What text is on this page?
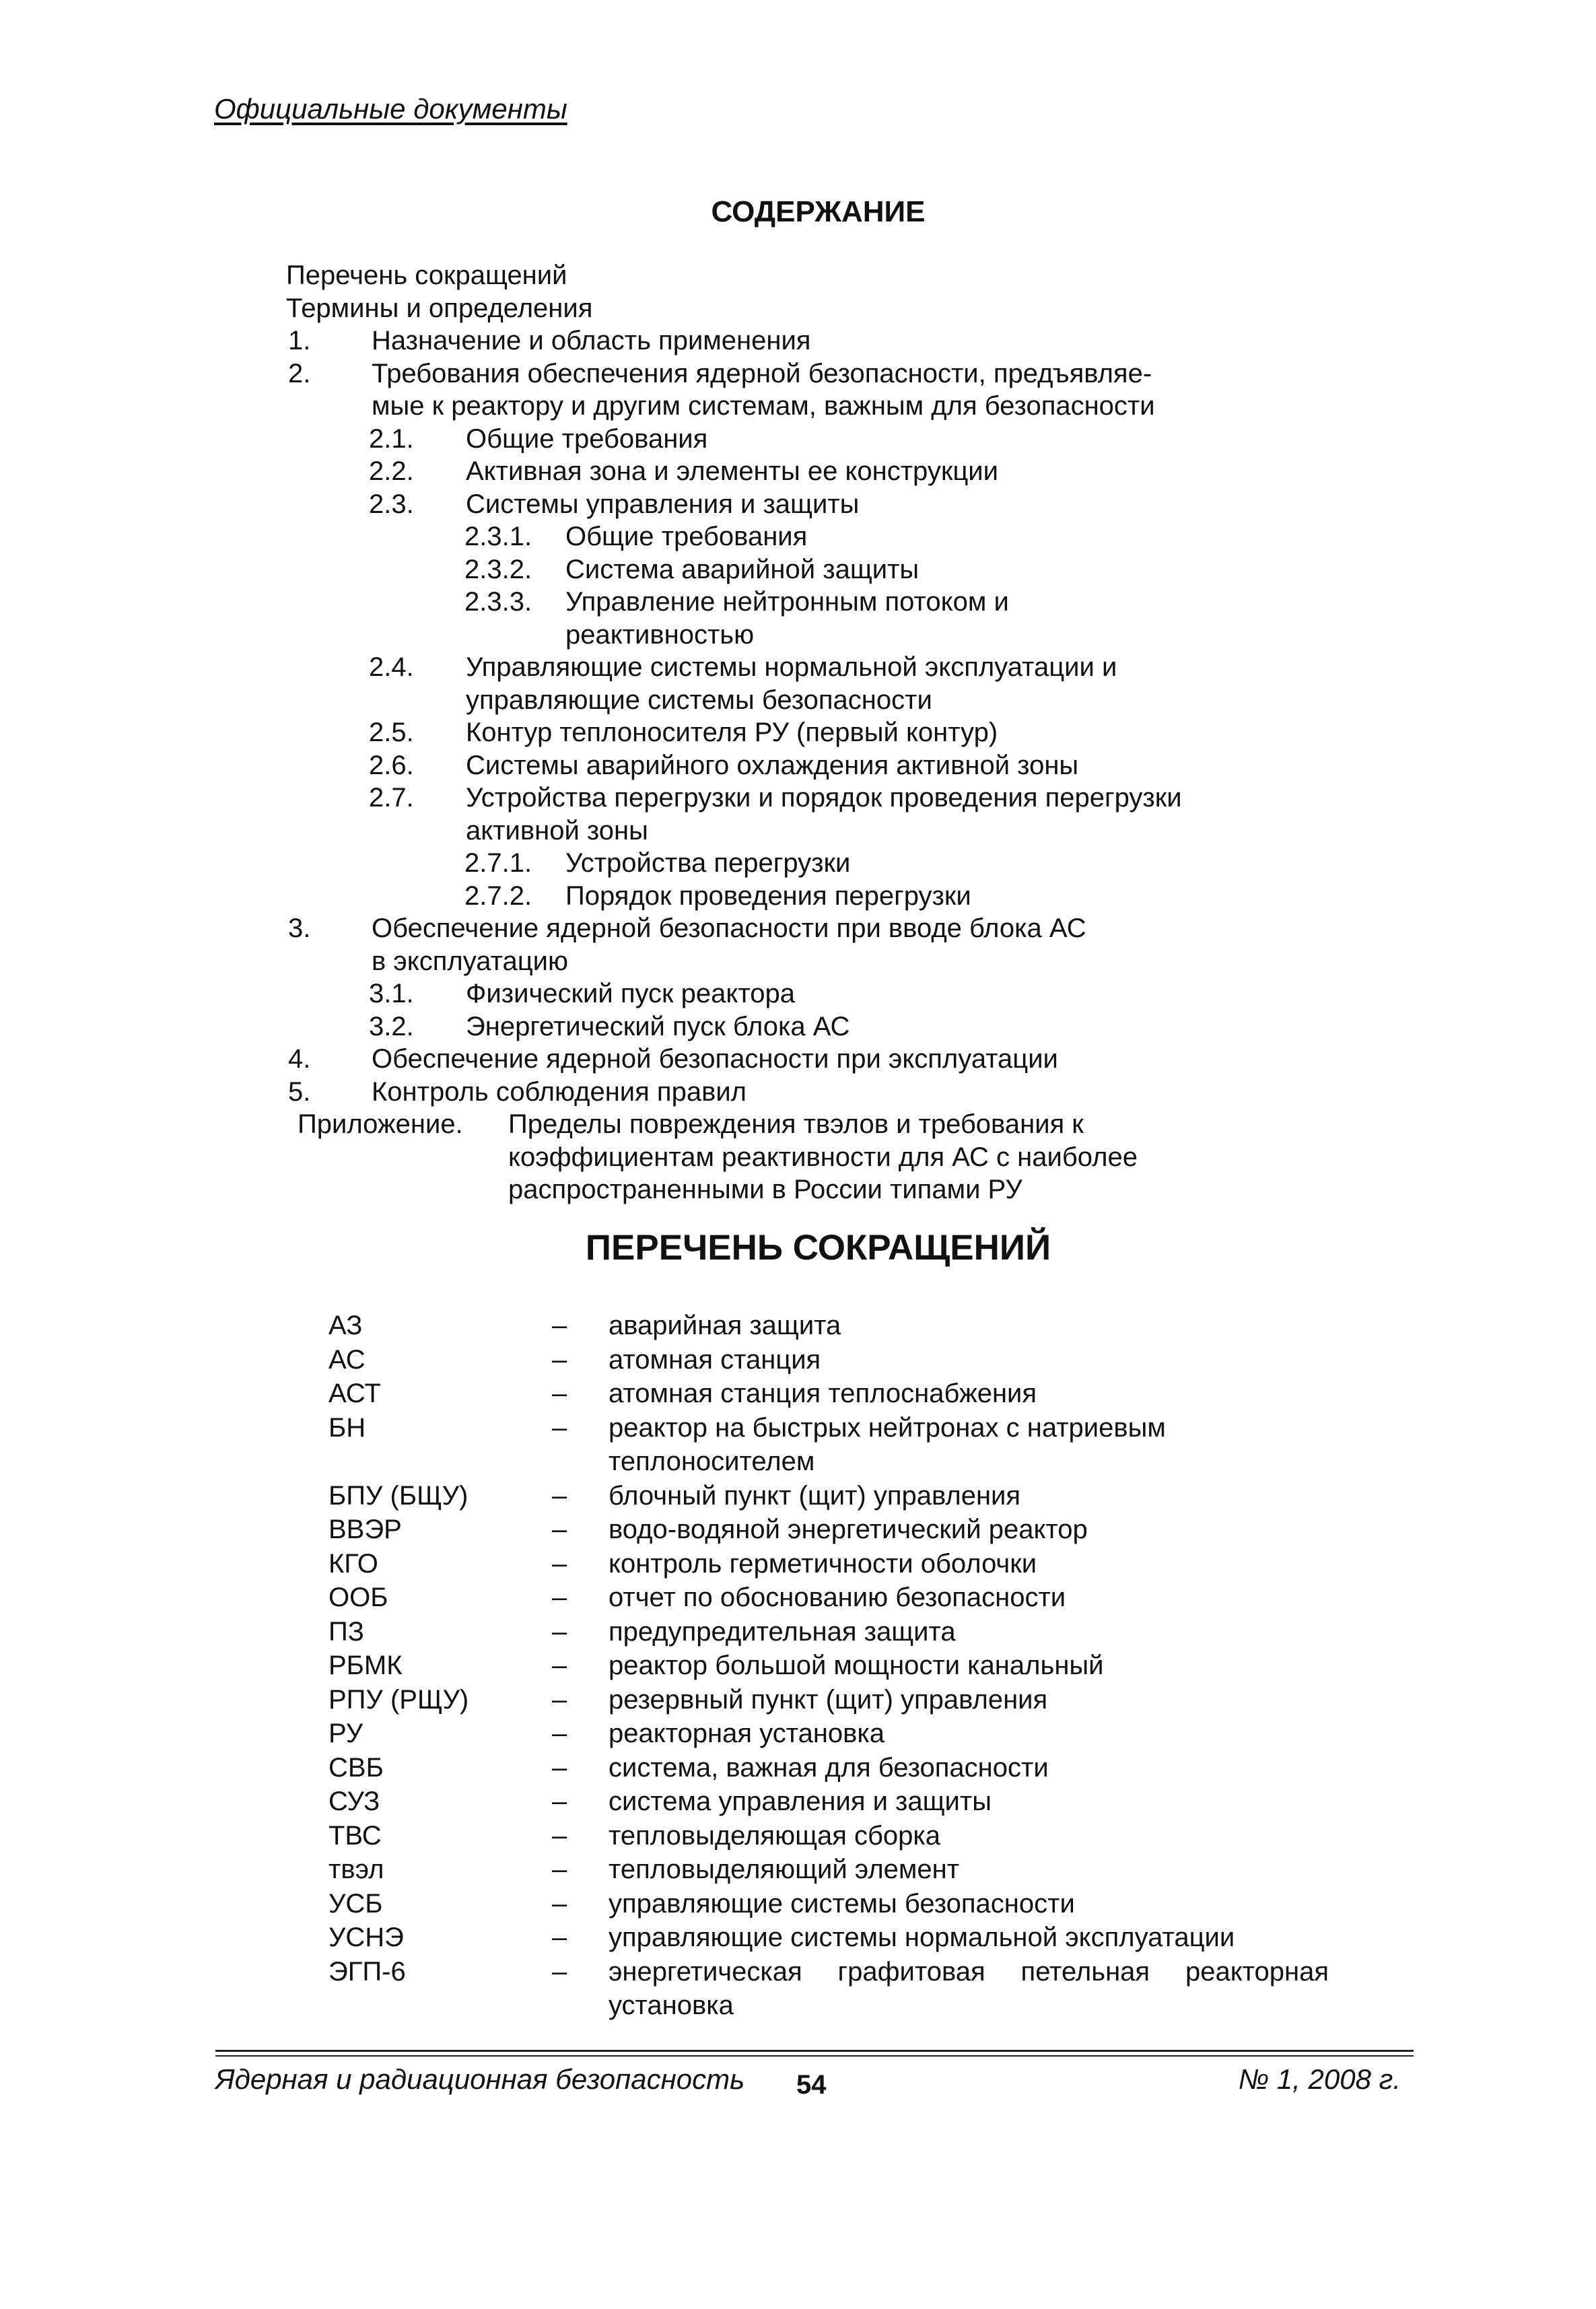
Официальные документы
СОДЕРЖАНИЕ
Перечень сокращений
Термины и определения
1. Назначение и область применения
2. Требования обеспечения ядерной безопасности, предъявляе-
мые к реактору и другим системам, важным для безопасности
2.1. Общие требования
2.2. Активная зона и элементы ее конструкции
2.3. Системы управления и защиты
2.3.1. Общие требования
2.3.2. Система аварийной защиты
2.3.3. Управление нейтронным потоком и
реактивностью
2.4. Управляющие системы нормальной эксплуатации и
управляющие системы безопасности
2.5. Контур теплоносителя РУ (первый контур)
2.6. Системы аварийного охлаждения активной зоны
2.7. Устройства перегрузки и порядок проведения перегрузки
активной зоны
2.7.1. Устройства перегрузки
2.7.2. Порядок проведения перегрузки
3. Обеспечение ядерной безопасности при вводе блока АС
в эксплуатацию
3.1. Физический пуск реактора
3.2. Энергетический пуск блока АС
4. Обеспечение ядерной безопасности при эксплуатации
5. Контроль соблюдения правил
Приложение. Пределы повреждения твэлов и требования к
коэффициентам реактивности для АС с наиболее
распространенными в России типами РУ
ПЕРЕЧЕНЬ СОКРАЩЕНИЙ
АЗ	– аварийная защита
АС	– атомная станция
АСТ	– атомная станция теплоснабжения
БН	– реактор на быстрых нейтронах с натриевым
теплоносителем
БПУ (БЩУ)	– блочный пункт (щит) управления
ВВЭР	– водо-водяной энергетический реактор
КГО	– контроль герметичности оболочки
ООБ	– отчет по обоснованию безопасности
ПЗ	– предупредительная защита
РБМК	– реактор большой мощности канальный
РПУ (РЩУ)	– резервный пункт (щит) управления
РУ	– реакторная установка
СВБ	– система, важная для безопасности
СУЗ	– система управления и защиты
ТВС	– тепловыделяющая сборка
твэл	– тепловыделяющий элемент
УСБ	– управляющие системы безопасности
УСНЭ	– управляющие системы нормальной эксплуатации
ЭГП-6	– энергетическая графитовая петельная реакторная
установка
Ядерная и радиационная безопасность 54	№ 1, 2008 г.
